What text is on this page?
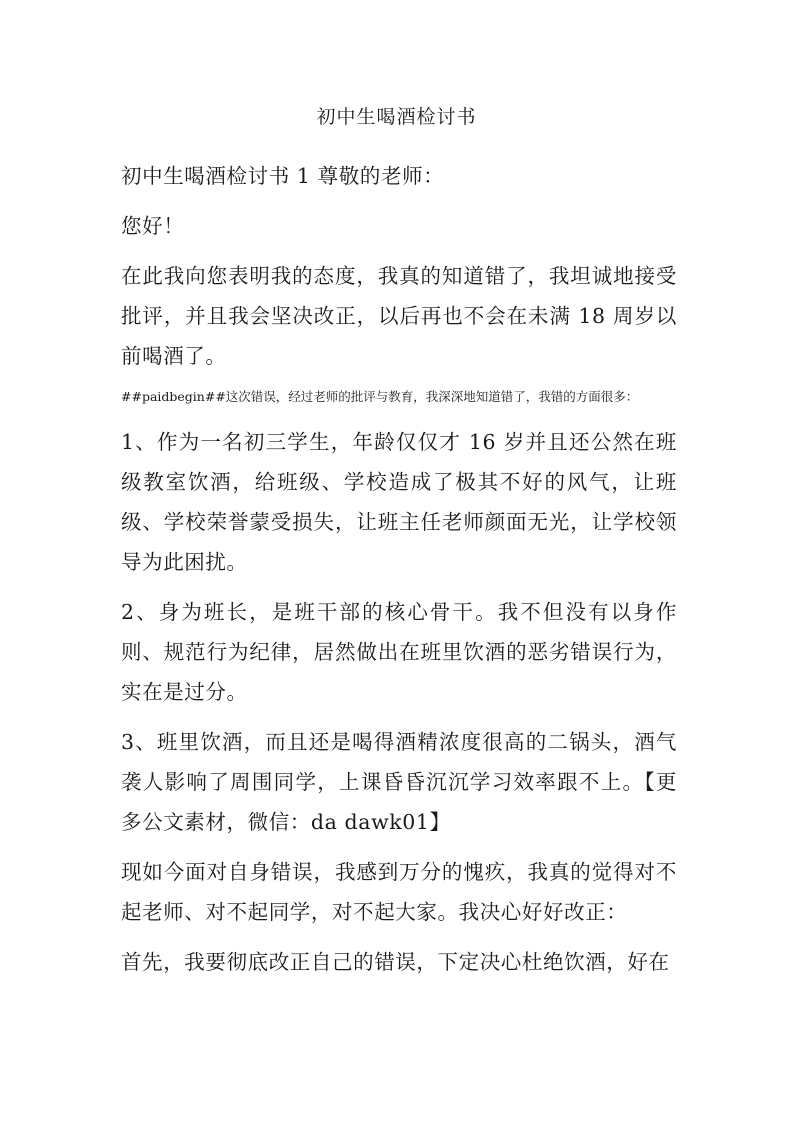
初中生喝酒检讨书

初中生喝酒检讨书 1 尊敬的老师：

您好！

在此我向您表明我的态度，我真的知道错了，我坦诚地接受批评，并且我会坚决改正，以后再也不会在未满 18 周岁以前喝酒了。

##paidbegin##这次错误，经过老师的批评与教育，我深深地知道错了，我错的方面很多：

1、作为一名初三学生，年龄仅仅才 16 岁并且还公然在班级教室饮酒，给班级、学校造成了极其不好的风气，让班级、学校荣誉蒙受损失，让班主任老师颜面无光，让学校领导为此困扰。

2、身为班长，是班干部的核心骨干。我不但没有以身作则、规范行为纪律，居然做出在班里饮酒的恶劣错误行为，实在是过分。

3、班里饮酒，而且还是喝得酒精浓度很高的二锅头，酒气袭人影响了周围同学，上课昏昏沉沉学习效率跟不上。【更多公文素材，微信：da dawk01】

现如今面对自身错误，我感到万分的愧疚，我真的觉得对不起老师、对不起同学，对不起大家。我决心好好改正：

首先，我要彻底改正自己的错误，下定决心杜绝饮酒，好在
